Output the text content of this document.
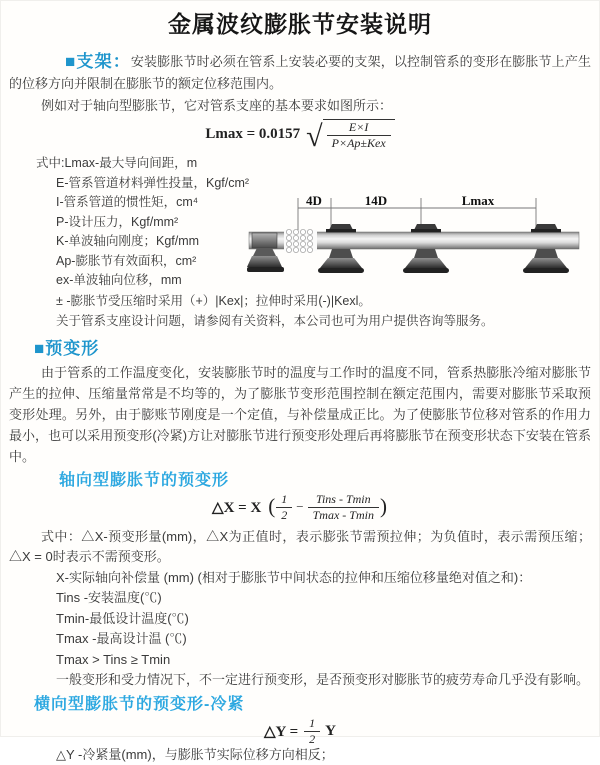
金属波纹膨胀节安装说明

■支架：安装膨胀节时必须在管系上安装必要的支架，以控制管系的变形在膨胀节上产生的位移方向并限制在膨胀节的额定位移范围内。

例如对于轴向型膨胀节，它对管系支座的基本要求如图所示：

Lmax = 0.0157 √ $\frac{E\times I}{\text{P×Ap±Kex}}$
式中:Lmax-最大导向间距，m
E-管系管道材料弹性投量，Kgf/cm²
I-管系管道的惯性矩，cm⁴
P-设计压力，Kgf/mm²
K-单波轴向刚度；Kgf/mm
Ap-膨胀节有效面积，cm²
ex-单波轴向位移，mm

± -膨胀节受压缩时采用（+）|Kex|；拉伸时采用(-)|Kexl。

关于管系支座设计问题，请参阅有关资料，本公司也可为用户提供咨询等服务。

4D	14D	Lmax
■预变形

由于管系的工作温度变化，安装膨胀节时的温度与工作时的温度不同，管系热膨胀冷缩对膨胀节产生的拉伸、压缩量常常是不均等的，为了膨胀节变形范围控制在额定范围内，需要对膨胀节采取预变形处理。另外，由于膨账节刚度是一个定值，与补偿量成正比。为了使膨胀节位移对管系的作用力最小，也可以采用预变形(冷紧)方让对膨胀节进行预变形处理后再将膨胀节在预变形状态下安装在管系中。

轴向型膨胀节的预变形
△X = X ( $\frac{1}{2} - \frac{\text{Tins - Tmin}}{Tmax - Tmin}$ )

式中：△X-预变形量(mm)，△X为正值时，表示膨张节需预拉伸；为负值时，表示需预压缩；△X = 0时表示不需预变形。

X-实际轴向补偿量 (mm) (相对于膨胀节中间状态的拉伸和压缩位移量绝对值之和)：

Tins -安装温度(℃)

Tmin-最低设计温度(℃)

Tmax -最高设计温 (℃)

Tmax > Tins ≥ Tmin

一般变形和受力情况下，不一定进行预变形，是否预变形对膨胀节的疲劳寿命几乎没有影响。

横向型膨胀节的预变形-冷紧
△Y = $\frac{1}{2}$ Y

△Y -冷紧量(mm)，与膨胀节实际位移方向相反；
